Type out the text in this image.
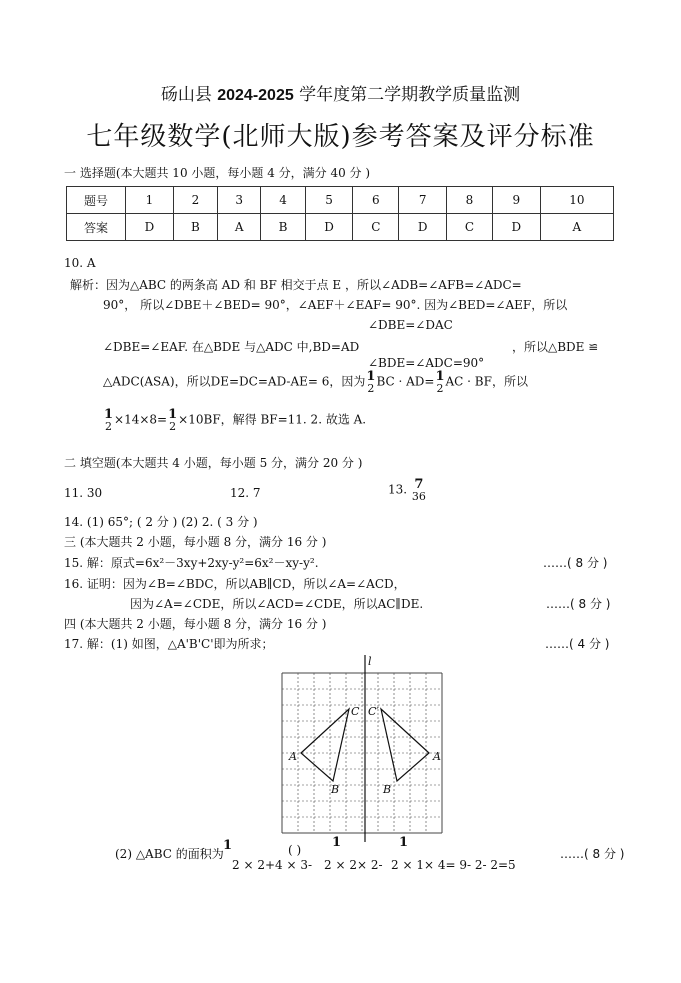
砀山县 2024-2025 学年度第二学期教学质量监测
七年级数学(北师大版)参考答案及评分标准
一 选择题(本大题共 10 小题，每小题 4 分，满分 40 分 )
题号	1	2	3	4	5	6	7	8	9	10
答案	D	B	A	B	D	C	D	C	D	A
10. A
解析：因为△ABC 的两条高 AD 和 BF 相交于点 E ，所以∠ADB=∠AFB=∠ADC=
90°， 所以∠DBE＋∠BED= 90°，∠AEF＋∠EAF= 90°. 因为∠BED=∠AEF，所以
∠DBE=∠DAC
∠DBE=∠EAF. 在△BDE 与△ADC 中,BD=AD	，所以△BDE ≌
∠BDE=∠ADC=90°
△ADC(ASA)，所以DE=DC=AD-AE= 6，因为 1
2 BC · AD= 1
2 AC · BF，所以
1
2 ×14×8= 1
2 ×10BF，解得 BF=11. 2. 故选 A.
二 填空题(本大题共 4 小题，每小题 5 分，满分 20 分 )
11. 30	12. 7	13. 7
36
14. (1) 65°; ( 2 分 ) (2) 2. ( 3 分 )
三 (本大题共 2 小题，每小题 8 分，满分 16 分 )
15. 解：原式=6x²－3xy+2xy-y²=6x²－xy-y².	……( 8 分 )
16. 证明：因为∠B=∠BDC，所以AB∥CD，所以∠A=∠ACD，
因为∠A=∠CDE，所以∠ACD=∠CDE，所以AC∥DE.	……( 8 分 )
四 (本大题共 2 小题，每小题 8 分，满分 16 分 )
17. 解：(1) 如图，△A'B'C'即为所求；	……( 4 分 )
l
A
B
C
A
B
C′
(2) △ABC 的面积为
1	( )
2 × 2+4 × 3-
1
2 × 2× 2-
1
2 × 1× 4= 9- 2- 2=5
……( 8 分 )
